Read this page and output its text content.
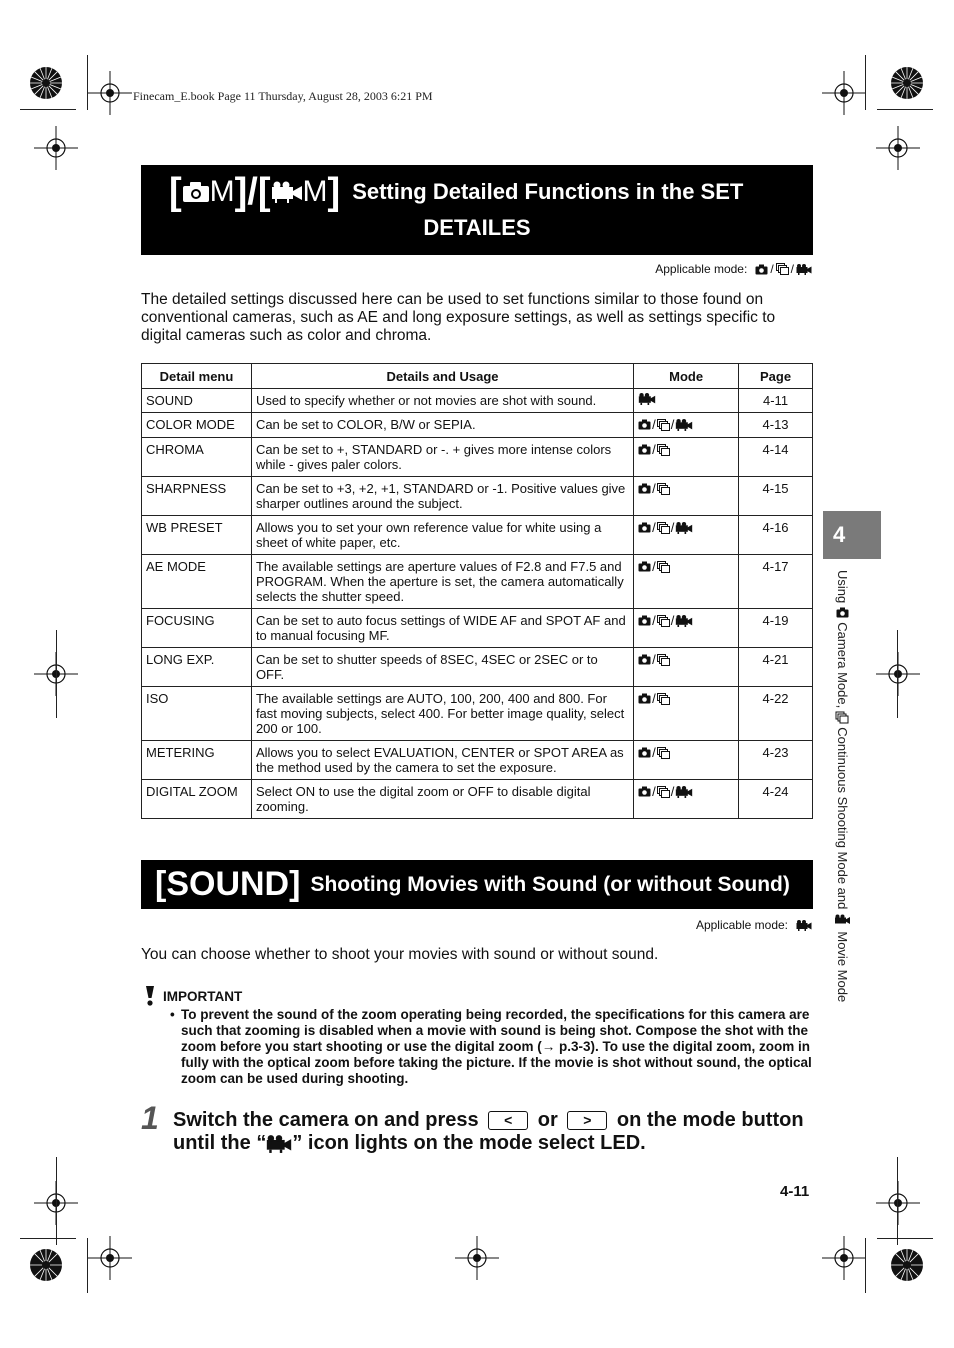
Finecam_E.book Page 11 Thursday, August 28, 2003 6:21 PM
[ M ]/[ M ] Setting Detailed Functions in the SET
DETAILES
Applicable mode: / /
The detailed settings discussed here can be used to set functions similar to those found on conventional cameras, such as AE and long exposure settings, as well as settings specific to digital cameras such as color and chroma.
Detail menu	Details and Usage	Mode	Page
SOUND	Used to specify whether or not movies are shot with sound.		4-11
COLOR MODE	Can be set to COLOR, B/W or SEPIA.	/ /	4-13
CHROMA	Can be set to +, STANDARD or -. + gives more intense colors while - gives paler colors.	/	4-14
SHARPNESS	Can be set to +3, +2, +1, STANDARD or -1. Positive values give sharper outlines around the subject.	/	4-15
WB PRESET	Allows you to set your own reference value for white using a sheet of white paper, etc.	/ /	4-16
AE MODE	The available settings are aperture values of F2.8 and F7.5 and PROGRAM. When the aperture is set, the camera automatically selects the shutter speed.	/	4-17
FOCUSING	Can be set to auto focus settings of WIDE AF and SPOT AF and to manual focusing MF.	/ /	4-19
LONG EXP.	Can be set to shutter speeds of 8SEC, 4SEC or 2SEC or to OFF.	/	4-21
ISO	The available settings are AUTO, 100, 200, 400 and 800. For fast moving subjects, select 400. For better image quality, select 200 or 100.	/	4-22
METERING	Allows you to select EVALUATION, CENTER or SPOT AREA as the method used by the camera to set the exposure.	/	4-23
DIGITAL ZOOM	Select ON to use the digital zoom or OFF to disable digital zooming.	/ /	4-24
4
Using
Camera Mode,
Continuous Shooting Mode and
Movie Mode
[SOUND] Shooting Movies with Sound (or without Sound)
Applicable mode:
You can choose whether to shoot your movies with sound or without sound.
IMPORTANT
• To prevent the sound of the zoom operating being recorded, the specifications for this camera are such that zooming is disabled when a movie with sound is being shot. Compose the shot with the zoom before you start shooting or use the digital zoom (→ p.3-3). To use the digital zoom, zoom in fully with the optical zoom before taking the picture. If the movie is shot without sound, the optical zoom can be used during shooting.
1 Switch the camera on and press < or > on the mode button until the “ ” icon lights on the mode select LED.
4-11
